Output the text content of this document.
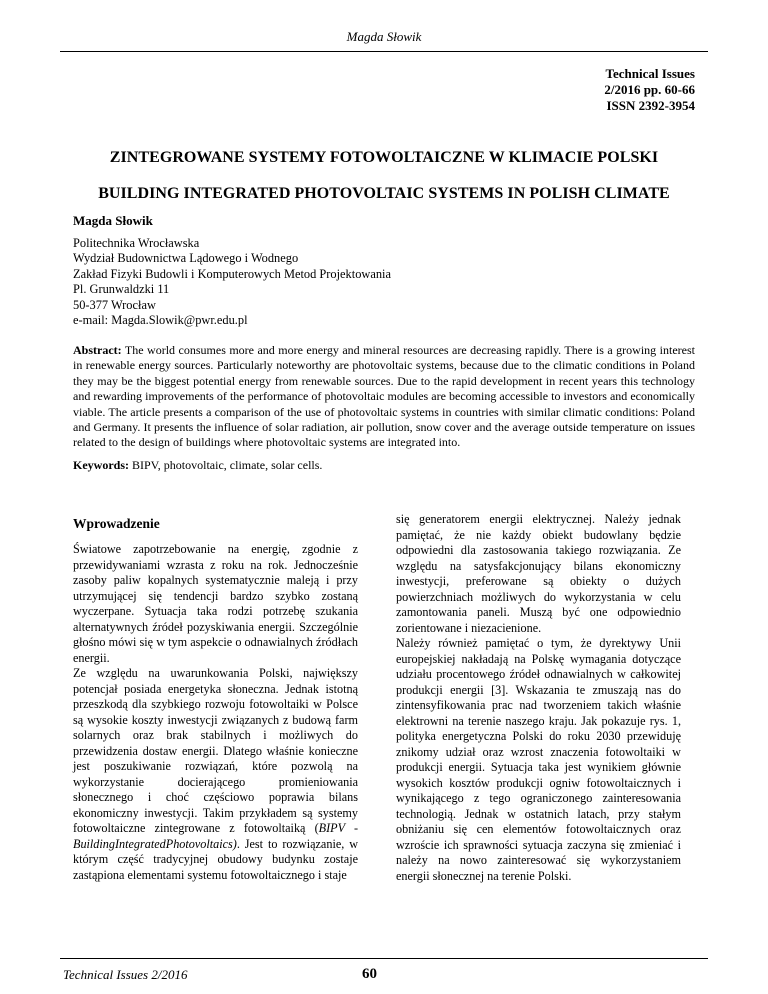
Magda Słowik
Technical Issues
2/2016 pp. 60-66
ISSN 2392-3954
ZINTEGROWANE SYSTEMY FOTOWOLTAICZNE W KLIMACIE POLSKI
BUILDING INTEGRATED PHOTOVOLTAIC SYSTEMS IN POLISH CLIMATE
Magda Słowik
Politechnika Wrocławska
Wydział Budownictwa Lądowego i Wodnego
Zakład Fizyki Budowli i Komputerowych Metod Projektowania
Pl. Grunwaldzki 11
50-377 Wrocław
e-mail: Magda.Slowik@pwr.edu.pl
Abstract: The world consumes more and more energy and mineral resources are decreasing rapidly. There is a growing interest in renewable energy sources. Particularly noteworthy are photovoltaic systems, because due to the climatic conditions in Poland they may be the biggest potential energy from renewable sources. Due to the rapid development in recent years this technology and rewarding improvements of the performance of photovoltaic modules are becoming accessible to investors and economically viable. The article presents a comparison of the use of photovoltaic systems in countries with similar climatic conditions: Poland and Germany. It presents the influence of solar radiation, air pollution, snow cover and the average outside temperature on issues related to the design of buildings where photovoltaic systems are integrated into.
Keywords: BIPV, photovoltaic, climate, solar cells.
Wprowadzenie

Światowe zapotrzebowanie na energię, zgodnie z przewidywaniami wzrasta z roku na rok. Jednocześnie zasoby paliw kopalnych systematycznie maleją i przy utrzymującej się tendencji bardzo szybko zostaną wyczerpane. Sytuacja taka rodzi potrzebę szukania alternatywnych źródeł pozyskiwania energii. Szczególnie głośno mówi się w tym aspekcie o odnawialnych źródłach energii.

Ze względu na uwarunkowania Polski, największy potencjał posiada energetyka słoneczna. Jednak istotną przeszkodą dla szybkiego rozwoju fotowoltaiki w Polsce są wysokie koszty inwestycji związanych z budową farm solarnych oraz brak stabilnych i możliwych do przewidzenia dostaw energii. Dlatego właśnie konieczne jest poszukiwanie rozwiązań, które pozwolą na wykorzystanie docierającego promieniowania słonecznego i choć częściowo poprawia bilans ekonomiczny inwestycji. Takim przykładem są systemy fotowoltaiczne zintegrowane z fotowoltaiką (BIPV - BuildingIntegratedPhotovoltaics). Jest to rozwiązanie, w którym część tradycyjnej obudowy budynku zostaje zastąpiona elementami systemu fotowoltaicznego i staje

się generatorem energii elektrycznej. Należy jednak pamiętać, że nie każdy obiekt budowlany będzie odpowiedni dla zastosowania takiego rozwiązania. Ze względu na satysfakcjonujący bilans ekonomiczny inwestycji, preferowane są obiekty o dużych powierzchniach możliwych do wykorzystania w celu zamontowania paneli. Muszą być one odpowiednio zorientowane i niezacienione.

Należy również pamiętać o tym, że dyrektywy Unii europejskiej nakładają na Polskę wymagania dotyczące udziału procentowego źródeł odnawialnych w całkowitej produkcji energii [3]. Wskazania te zmuszają nas do zintensyfikowania prac nad tworzeniem takich właśnie elektrowni na terenie naszego kraju. Jak pokazuje rys. 1, polityka energetyczna Polski do roku 2030 przewiduję znikomy udział oraz wzrost znaczenia fotowoltaiki w produkcji energii. Sytuacja taka jest wynikiem głównie wysokich kosztów produkcji ogniw fotowoltaicznych i wynikającego z tego ograniczonego zainteresowania technologią. Jednak w ostatnich latach, przy stałym obniżaniu się cen elementów fotowoltaicznych oraz wzroście ich sprawności sytuacja zaczyna się zmieniać i należy na nowo zainteresować się wykorzystaniem energii słonecznej na terenie Polski.

Technical Issues 2/2016	60
